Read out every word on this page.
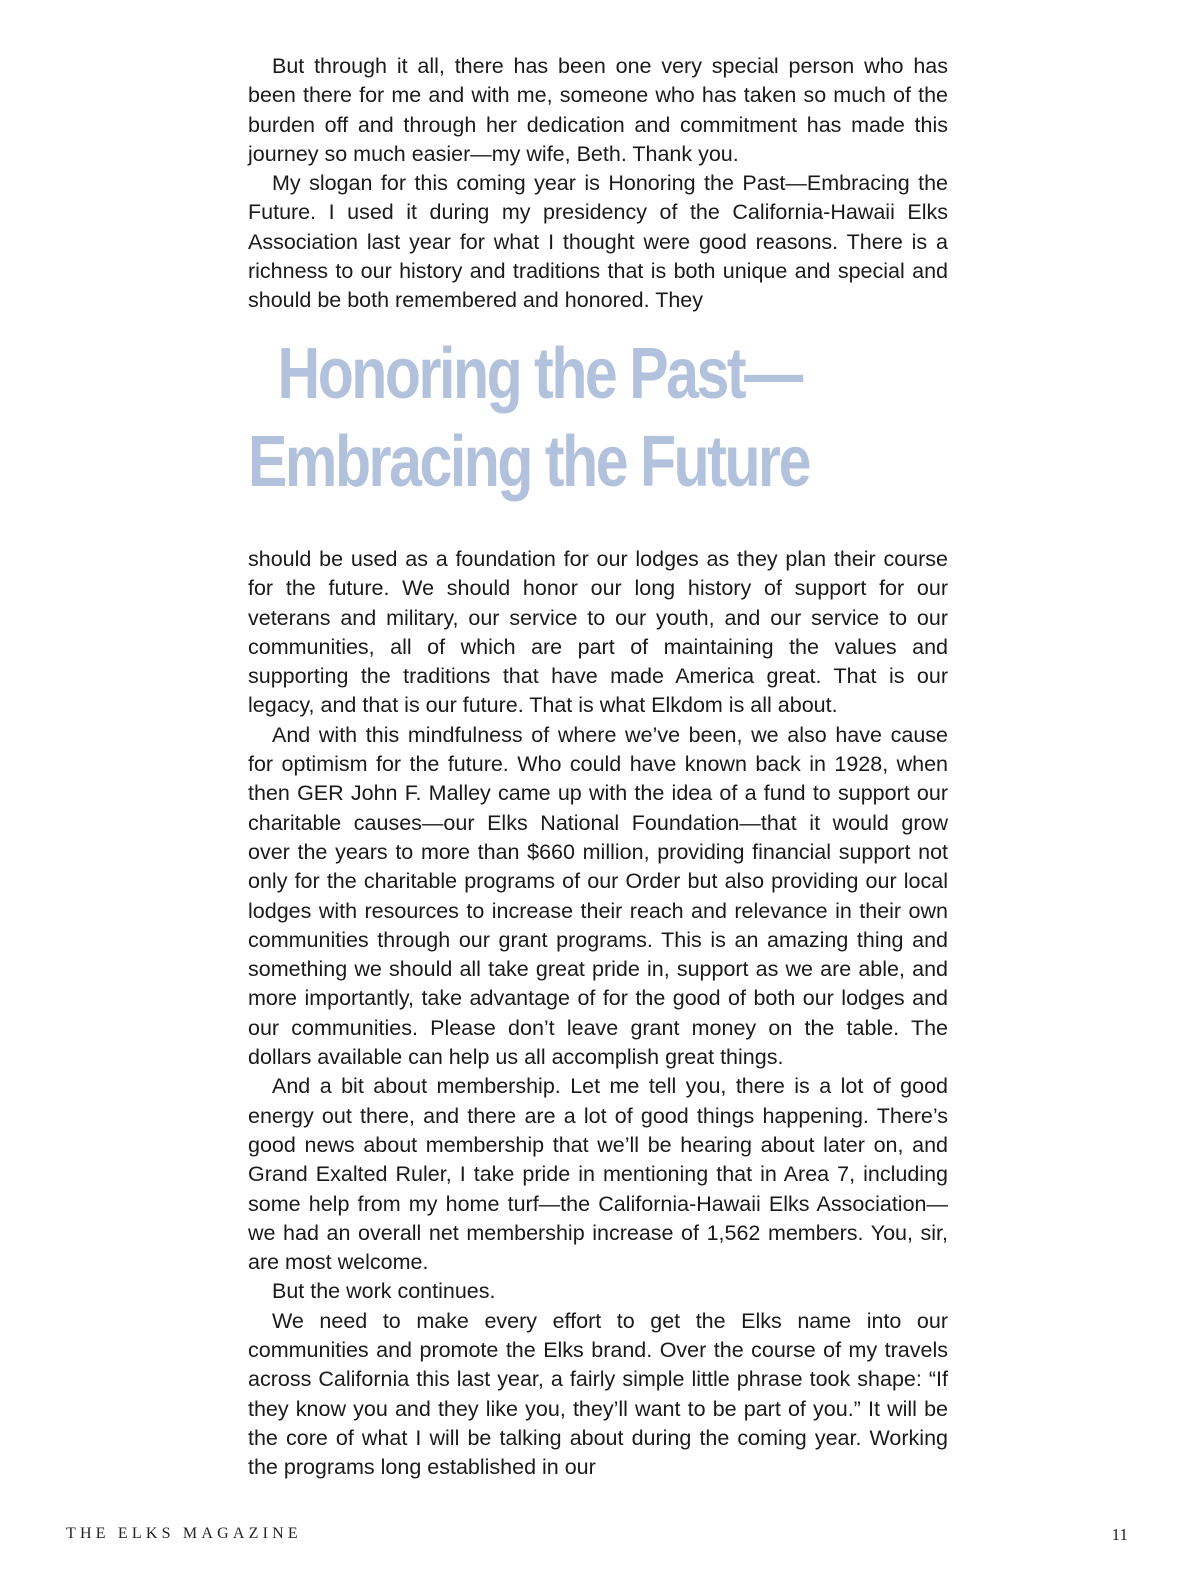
But through it all, there has been one very special person who has been there for me and with me, someone who has taken so much of the burden off and through her dedication and commitment has made this journey so much easier—my wife, Beth. Thank you.

My slogan for this coming year is Honoring the Past—Embracing the Future. I used it during my presidency of the California-Hawaii Elks Association last year for what I thought were good reasons. There is a richness to our history and traditions that is both unique and special and should be both remembered and honored. They

Honoring the Past—
Embracing the Future

should be used as a foundation for our lodges as they plan their course for the future. We should honor our long history of support for our veterans and military, our service to our youth, and our service to our communities, all of which are part of maintaining the values and supporting the traditions that have made America great. That is our legacy, and that is our future. That is what Elkdom is all about.

And with this mindfulness of where we’ve been, we also have cause for optimism for the future. Who could have known back in 1928, when then GER John F. Malley came up with the idea of a fund to support our charitable causes—our Elks National Foundation—that it would grow over the years to more than $660 million, providing financial support not only for the charitable programs of our Order but also providing our local lodges with resources to increase their reach and relevance in their own communities through our grant programs. This is an amazing thing and something we should all take great pride in, support as we are able, and more importantly, take advantage of for the good of both our lodges and our communities. Please don’t leave grant money on the table. The dollars available can help us all accomplish great things.

And a bit about membership. Let me tell you, there is a lot of good energy out there, and there are a lot of good things happening. There’s good news about membership that we’ll be hearing about later on, and Grand Exalted Ruler, I take pride in mentioning that in Area 7, including some help from my home turf—the California-Hawaii Elks Association—we had an overall net membership increase of 1,562 members. You, sir, are most welcome.

But the work continues.

We need to make every effort to get the Elks name into our communities and promote the Elks brand. Over the course of my travels across California this last year, a fairly simple little phrase took shape: “If they know you and they like you, they’ll want to be part of you.” It will be the core of what I will be talking about during the coming year. Working the programs long established in our

THE ELKS MAGAZINE	11
